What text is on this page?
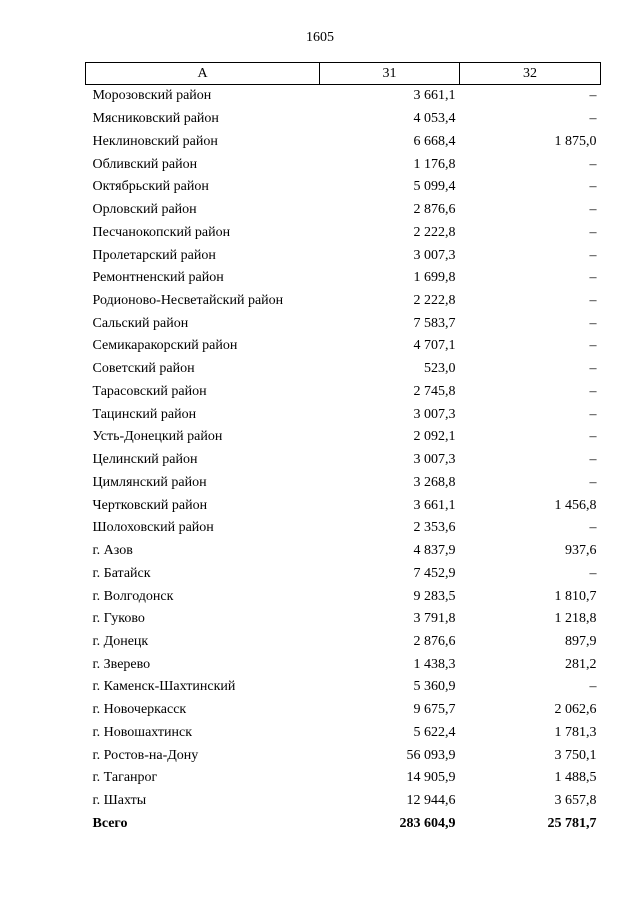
1605
А	31	32
Морозовский район	3 661,1	–
Мясниковский район	4 053,4	–
Неклиновский район	6 668,4	1 875,0
Обливский район	1 176,8	–
Октябрьский район	5 099,4	–
Орловский район	2 876,6	–
Песчанокопский район	2 222,8	–
Пролетарский район	3 007,3	–
Ремонтненский район	1 699,8	–
Родионово-Несветайский район	2 222,8	–
Сальский район	7 583,7	–
Семикаракорский район	4 707,1	–
Советский район	523,0	–
Тарасовский район	2 745,8	–
Тацинский район	3 007,3	–
Усть-Донецкий район	2 092,1	–
Целинский район	3 007,3	–
Цимлянский район	3 268,8	–
Чертковский район	3 661,1	1 456,8
Шолоховский район	2 353,6	–
г. Азов	4 837,9	937,6
г. Батайск	7 452,9	–
г. Волгодонск	9 283,5	1 810,7
г. Гуково	3 791,8	1 218,8
г. Донецк	2 876,6	897,9
г. Зверево	1 438,3	281,2
г. Каменск-Шахтинский	5 360,9	–
г. Новочеркасск	9 675,7	2 062,6
г. Новошахтинск	5 622,4	1 781,3
г. Ростов-на-Дону	56 093,9	3 750,1
г. Таганрог	14 905,9	1 488,5
г. Шахты	12 944,6	3 657,8
Всего	283 604,9	25 781,7
